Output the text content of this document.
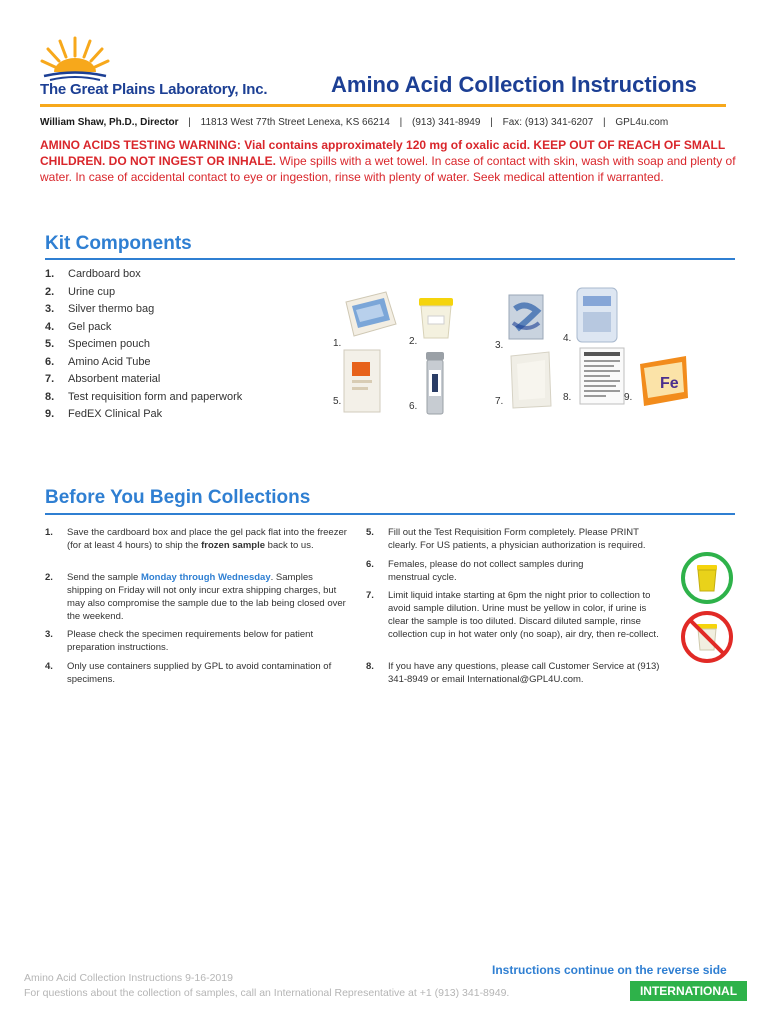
The Great Plains Laboratory, Inc.	Amino Acid Collection Instructions
William Shaw, Ph.D., Director | 11813 West 77th Street Lenexa, KS 66214 | (913) 341-8949 | Fax: (913) 341-6207 | GPL4u.com
AMINO ACIDS TESTING WARNING: Vial contains approximately 120 mg of oxalic acid. KEEP OUT OF REACH OF SMALL CHILDREN. DO NOT INGEST OR INHALE. Wipe spills with a wet towel. In case of contact with skin, wash with soap and plenty of water. In case of accidental contact to eye or ingestion, rinse with plenty of water. Seek medical attention if warranted.
Kit Components
1.	Cardboard box
2.	Urine cup
3.	Silver thermo bag
4.	Gel pack
5.	Specimen pouch
6.	Amino Acid Tube
7.	Absorbent material
8.	Test requisition form and paperwork
9.	FedEX Clinical Pak
1.	2.	3.
4.
5.	6.	7.	8.
Fe
9.
Before You Begin Collections
1.	Save the cardboard box and place the gel pack flat into the freezer (for at least 4 hours) to ship the frozen sample back to us.
2.	Send the sample Monday through Wednesday. Samples shipping on Friday will not only incur extra shipping charges, but may also compromise the sample due to the lab being closed over the weekend.
3.	Please check the specimen requirements below for patient preparation instructions.
4.	Only use containers supplied by GPL to avoid contamination of specimens.
5.	Fill out the Test Requisition Form completely. Please PRINT clearly. For US patients, a physician authorization is required.
6.	Females, please do not collect samples during menstrual cycle.
7.	Limit liquid intake starting at 6pm the night prior to collection to avoid sample dilution. Urine must be yellow in color, if urine is clear the sample is too diluted. Discard diluted sample, rinse collection cup in hot water only (no soap), air dry, then re-collect.
8.	If you have any questions, please call Customer Service at (913) 341-8949 or email International@GPL4U.com.
Amino Acid Collection Instructions 9-16-2019
For questions about the collection of samples, call an International Representative at +1 (913) 341-8949.
Instructions continue on the reverse side
INTERNATIONAL
